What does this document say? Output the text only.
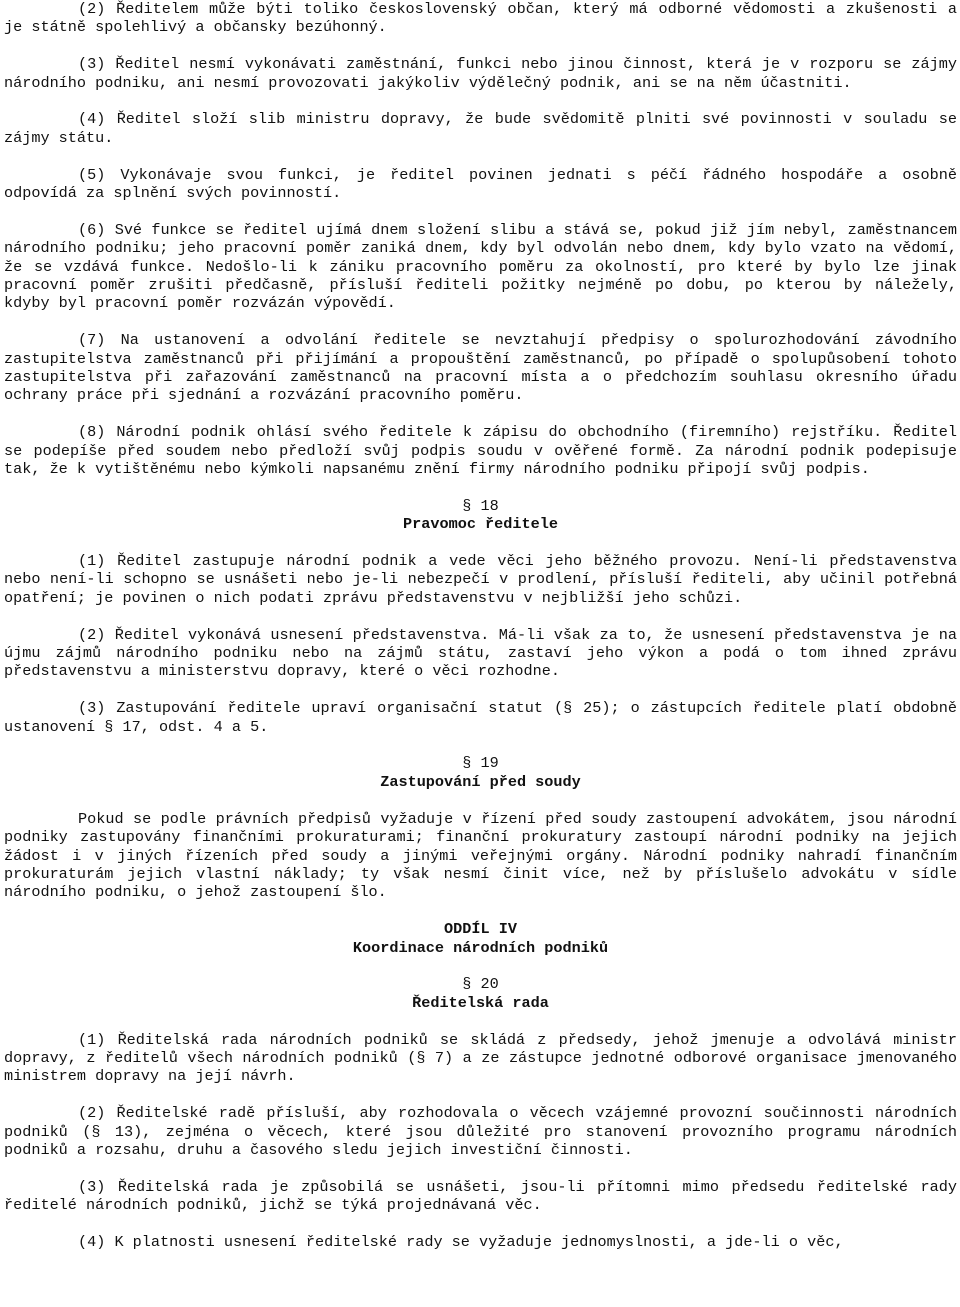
(2) Ředitelem může býti toliko československý občan, který má odborné vědomosti a zkušenosti a je státně spolehlivý a občansky bezúhonný.

(3) Ředitel nesmí vykonávati zaměstnání, funkci nebo jinou činnost, která je v rozporu se zájmy národního podniku, ani nesmí provozovati jakýkoliv výdělečný podnik, ani se na něm účastniti.

(4) Ředitel složí slib ministru dopravy, že bude svědomitě plniti své povinnosti v souladu se zájmy státu.

(5) Vykonávaje svou funkci, je ředitel povinen jednati s péčí řádného hospodáře a osobně odpovídá za splnění svých povinností.

(6) Své funkce se ředitel ujímá dnem složení slibu a stává se, pokud již jím nebyl, zaměstnancem národního podniku; jeho pracovní poměr zaniká dnem, kdy byl odvolán nebo dnem, kdy bylo vzato na vědomí, že se vzdává funkce. Nedošlo-li k zániku pracovního poměru za okolností, pro které by bylo lze jinak pracovní poměr zrušiti předčasně, přísluší řediteli požitky nejméně po dobu, po kterou by náležely, kdyby byl pracovní poměr rozvázán výpovědí.

(7) Na ustanovení a odvolání ředitele se nevztahují předpisy o spolurozhodování závodního zastupitelstva zaměstnanců při přijímání a propouštění zaměstnanců, po případě o spolupůsobení tohoto zastupitelstva při zařazování zaměstnanců na pracovní místa a o předchozím souhlasu okresního úřadu ochrany práce při sjednání a rozvázání pracovního poměru.

(8) Národní podnik ohlásí svého ředitele k zápisu do obchodního (firemního) rejstříku. Ředitel se podepíše před soudem nebo předloží svůj podpis soudu v ověřené formě. Za národní podnik podepisuje tak, že k vytištěnému nebo kýmkoli napsanému znění firmy národního podniku připojí svůj podpis.

§ 18

Pravomoc ředitele

(1) Ředitel zastupuje národní podnik a vede věci jeho běžného provozu. Není-li představenstva nebo není-li schopno se usnášeti nebo je-li nebezpečí v prodlení, přísluší řediteli, aby učinil potřebná opatření; je povinen o nich podati zprávu představenstvu v nejbližší jeho schůzi.

(2) Ředitel vykonává usnesení představenstva. Má-li však za to, že usnesení představenstva je na újmu zájmů národního podniku nebo na zájmů státu, zastaví jeho výkon a podá o tom ihned zprávu představenstvu a ministerstvu dopravy, které o věci rozhodne.

(3) Zastupování ředitele upraví organisační statut (§ 25); o zástupcích ředitele platí obdobně ustanovení § 17, odst. 4 a 5.

§ 19

Zastupování před soudy

Pokud se podle právních předpisů vyžaduje v řízení před soudy zastoupení advokátem, jsou národní podniky zastupovány finančními prokuraturami; finanční prokuratury zastoupí národní podniky na jejich žádost i v jiných řízeních před soudy a jinými veřejnými orgány. Národní podniky nahradí finančním prokuraturám jejich vlastní náklady; ty však nesmí činit více, než by příslušelo advokátu v sídle národního podniku, o jehož zastoupení šlo.

ODDÍL IV

Koordinace národních podniků

§ 20

Ředitelská rada

(1) Ředitelská rada národních podniků se skládá z předsedy, jehož jmenuje a odvolává ministr dopravy, z ředitelů všech národních podniků (§ 7) a ze zástupce jednotné odborové organisace jmenovaného ministrem dopravy na její návrh.

(2) Ředitelské radě přísluší, aby rozhodovala o věcech vzájemné provozní součinnosti národních podniků (§ 13), zejména o věcech, které jsou důležité pro stanovení provozního programu národních podniků a rozsahu, druhu a časového sledu jejich investiční činnosti.

(3) Ředitelská rada je způsobilá se usnášeti, jsou-li přítomni mimo předsedu ředitelské rady ředitelé národních podniků, jichž se týká projednávaná věc.

(4) K platnosti usnesení ředitelské rady se vyžaduje jednomyslnosti, a jde-li o věc,
